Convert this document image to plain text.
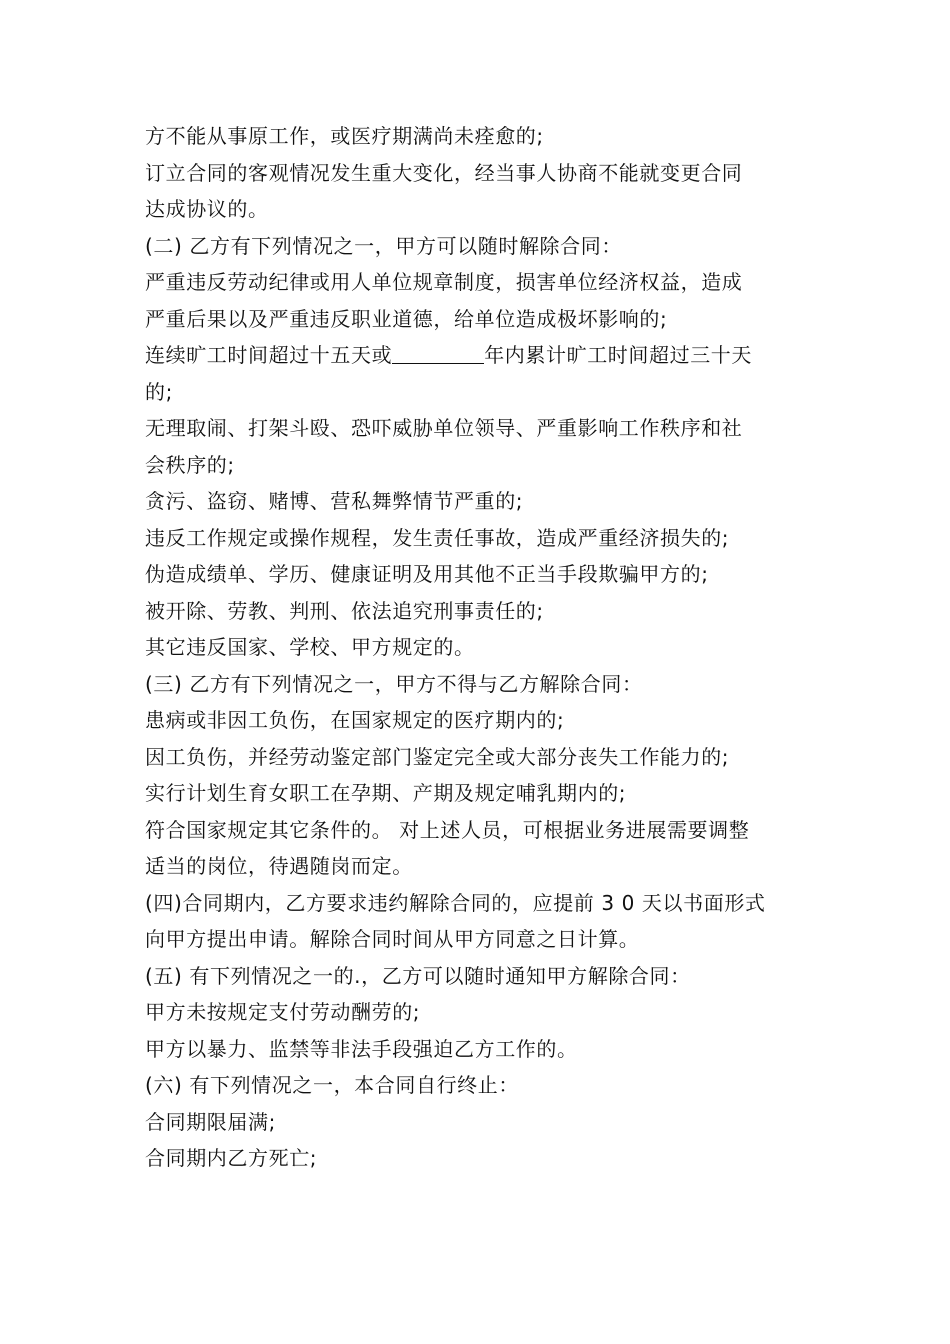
方不能从事原工作，或医疗期满尚未痊愈的;
订立合同的客观情况发生重大变化，经当事人协商不能就变更合同
达成协议的。
(二) 乙方有下列情况之一，甲方可以随时解除合同：
严重违反劳动纪律或用人单位规章制度，损害单位经济权益，造成
严重后果以及严重违反职业道德，给单位造成极坏影响的;
连续旷工时间超过十五天或	年内累计旷工时间超过三十天
的;
无理取闹、打架斗殴、恐吓威胁单位领导、严重影响工作秩序和社
会秩序的;
贪污、盗窃、赌博、营私舞弊情节严重的;
违反工作规定或操作规程，发生责任事故，造成严重经济损失的;
伪造成绩单、学历、健康证明及用其他不正当手段欺骗甲方的;
被开除、劳教、判刑、依法追究刑事责任的;
其它违反国家、学校、甲方规定的。
(三) 乙方有下列情况之一，甲方不得与乙方解除合同：
患病或非因工负伤，在国家规定的医疗期内的;
因工负伤，并经劳动鉴定部门鉴定完全或大部分丧失工作能力的;
实行计划生育女职工在孕期、产期及规定哺乳期内的;
符合国家规定其它条件的。 对上述人员，可根据业务进展需要调整
适当的岗位，待遇随岗而定。
(四)合同期内，乙方要求违约解除合同的，应提前 3 0 天以书面形式
向甲方提出申请。解除合同时间从甲方同意之日计算。
(五) 有下列情况之一的.，乙方可以随时通知甲方解除合同：
甲方未按规定支付劳动酬劳的;
甲方以暴力、监禁等非法手段强迫乙方工作的。
(六) 有下列情况之一，本合同自行终止：
合同期限届满;
合同期内乙方死亡;
